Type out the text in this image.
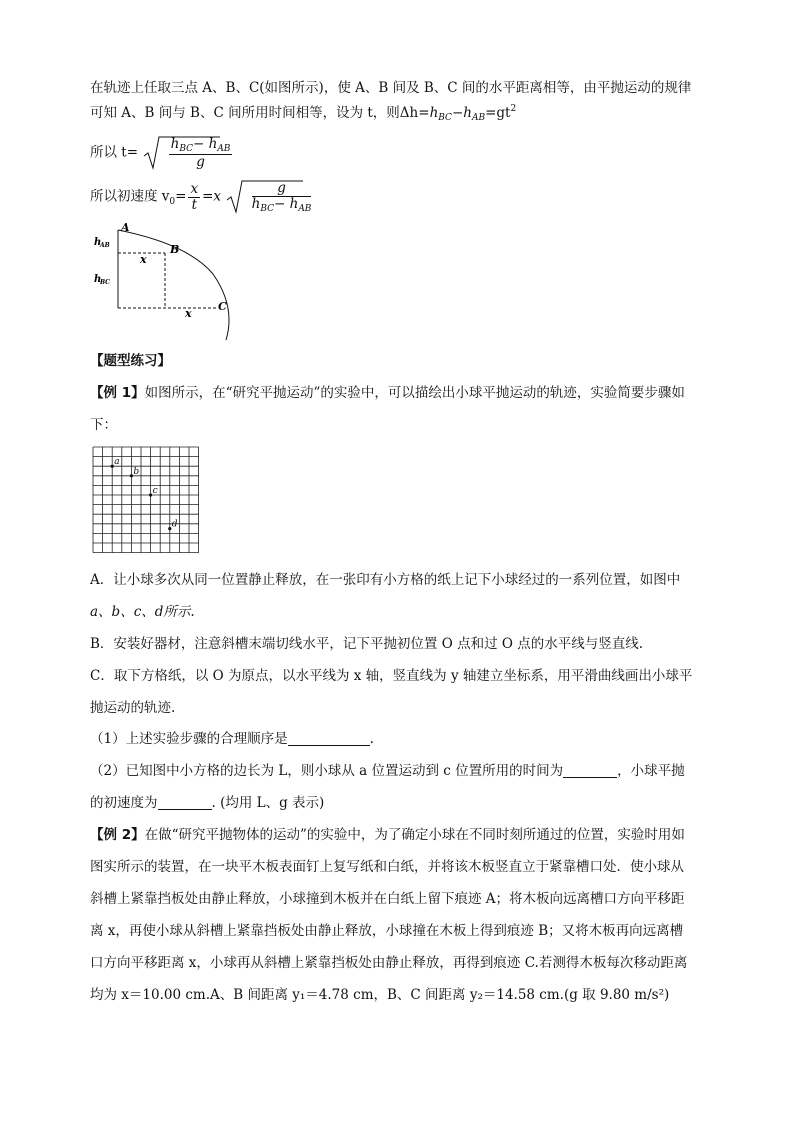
在轨迹上任取三点 A、B、C(如图所示)，使 A、B 间及 B、C 间的水平距离相等，由平抛运动的规律
可知 A、B 间与 B、C 间所用时间相等，设为 t，则$\Delta h=h_{BC}-h_{AB}=gt^2$
所以 $t= \frac{h_{BC}- h_{AB}}{g}$
所以初速度 $v_0= \frac{x}{t} =x \frac{g}{h_{BC}- h_{AB}}$
A
B
C
h
AB
h
BC
x
x
【题型练习】
【例 1】如图所示，在“研究平抛运动”的实验中，可以描绘出小球平抛运动的轨迹，实验简要步骤如
下：
a
b
c
d
A．让小球多次从同一位置静止释放，在一张印有小方格的纸上记下小球经过的一系列位置，如图中
a、b、c、d所示.
B．安装好器材，注意斜槽末端切线水平，记下平抛初位置 O 点和过 O 点的水平线与竖直线.
C．取下方格纸，以 O 为原点，以水平线为 x 轴，竖直线为 y 轴建立坐标系，用平滑曲线画出小球平
抛运动的轨迹.
（1）上述实验步骤的合理顺序是	.
（2）已知图中小方格的边长为 L，则小球从 a 位置运动到 c 位置所用的时间为	，小球平抛
的初速度为	. (均用 L、g 表示)
【例 2】在做“研究平抛物体的运动”的实验中，为了确定小球在不同时刻所通过的位置，实验时用如
图实所示的装置，在一块平木板表面钉上复写纸和白纸，并将该木板竖直立于紧靠槽口处．使小球从
斜槽上紧靠挡板处由静止释放，小球撞到木板并在白纸上留下痕迹 A；将木板向远离槽口方向平移距
离 x，再使小球从斜槽上紧靠挡板处由静止释放，小球撞在木板上得到痕迹 B；又将木板再向远离槽
口方向平移距离 x，小球再从斜槽上紧靠挡板处由静止释放，再得到痕迹 C.若测得木板每次移动距离
均为 x＝10.00 cm.A、B 间距离 y₁＝4.78 cm，B、C 间距离 y₂＝14.58 cm.(g 取 9.80 m/s²)
